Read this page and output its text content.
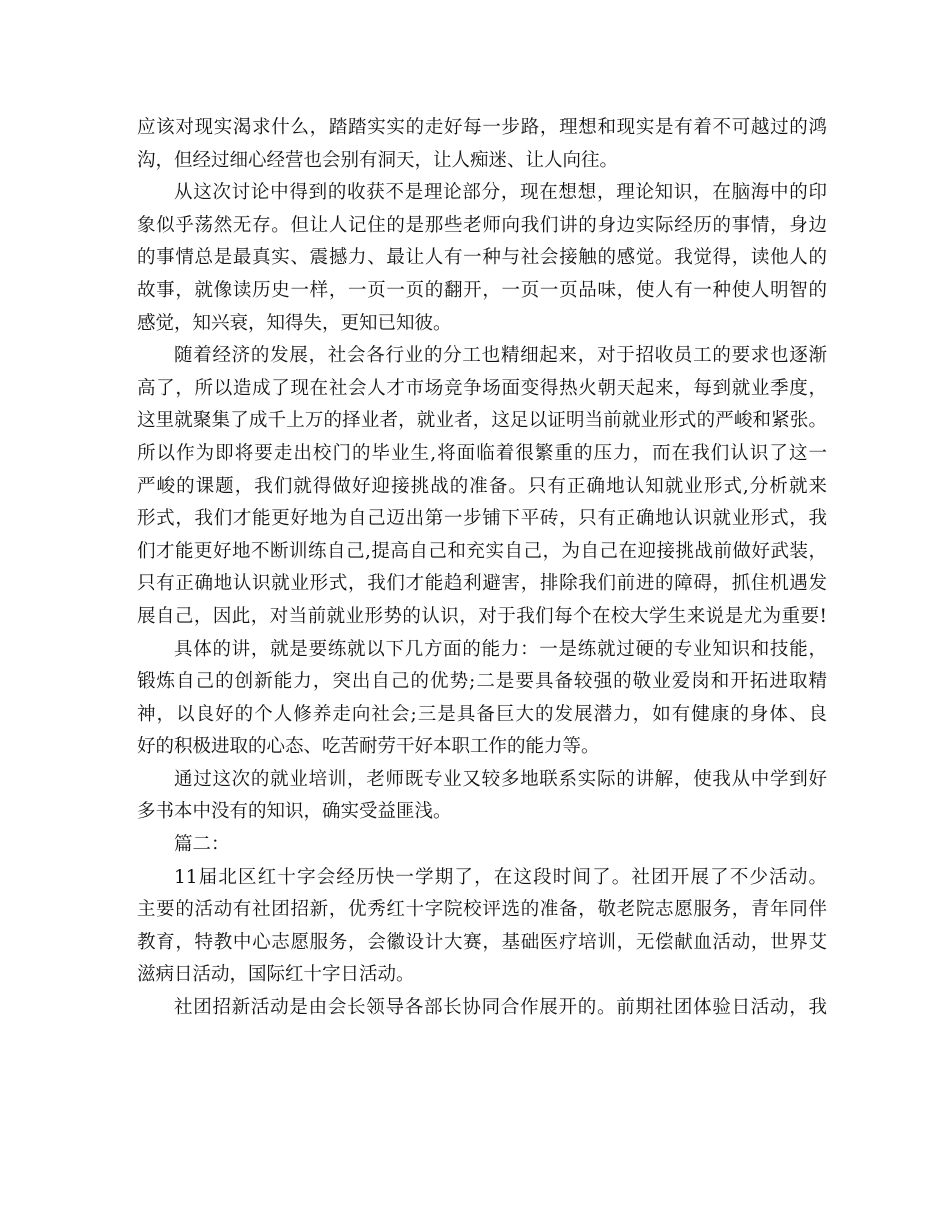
应该对现实渴求什么，踏踏实实的走好每一步路，理想和现实是有着不可越过的鸿

沟，但经过细心经营也会别有洞天，让人痴迷、让人向往。

从这次讨论中得到的收获不是理论部分，现在想想，理论知识，在脑海中的印

象似乎荡然无存。但让人记住的是那些老师向我们讲的身边实际经历的事情，身边

的事情总是最真实、震撼力、最让人有一种与社会接触的感觉。我觉得，读他人的

故事，就像读历史一样，一页一页的翻开，一页一页品味，使人有一种使人明智的

感觉，知兴衰，知得失，更知已知彼。

随着经济的发展，社会各行业的分工也精细起来，对于招收员工的要求也逐渐

高了，所以造成了现在社会人才市场竞争场面变得热火朝天起来，每到就业季度，

这里就聚集了成千上万的择业者，就业者，这足以证明当前就业形式的严峻和紧张。

所以作为即将要走出校门的毕业生,将面临着很繁重的压力，而在我们认识了这一

严峻的课题，我们就得做好迎接挑战的准备。只有正确地认知就业形式,分析就来

形式，我们才能更好地为自己迈出第一步铺下平砖，只有正确地认识就业形式，我

们才能更好地不断训练自己,提高自己和充实自己，为自己在迎接挑战前做好武装，

只有正确地认识就业形式，我们才能趋利避害，排除我们前进的障碍，抓住机遇发

展自己，因此，对当前就业形势的认识，对于我们每个在校大学生来说是尤为重要!

具体的讲，就是要练就以下几方面的能力：一是练就过硬的专业知识和技能，

锻炼自己的创新能力，突出自己的优势;二是要具备较强的敬业爱岗和开拓进取精

神，以良好的个人修养走向社会;三是具备巨大的发展潜力，如有健康的身体、良

好的积极进取的心态、吃苦耐劳干好本职工作的能力等。

通过这次的就业培训，老师既专业又较多地联系实际的讲解，使我从中学到好

多书本中没有的知识，确实受益匪浅。

篇二：

11届北区红十字会经历快一学期了，在这段时间了。社团开展了不少活动。

主要的活动有社团招新，优秀红十字院校评选的准备，敬老院志愿服务，青年同伴

教育，特教中心志愿服务，会徽设计大赛，基础医疗培训，无偿献血活动，世界艾

滋病日活动，国际红十字日活动。

社团招新活动是由会长领导各部长协同合作展开的。前期社团体验日活动，我
